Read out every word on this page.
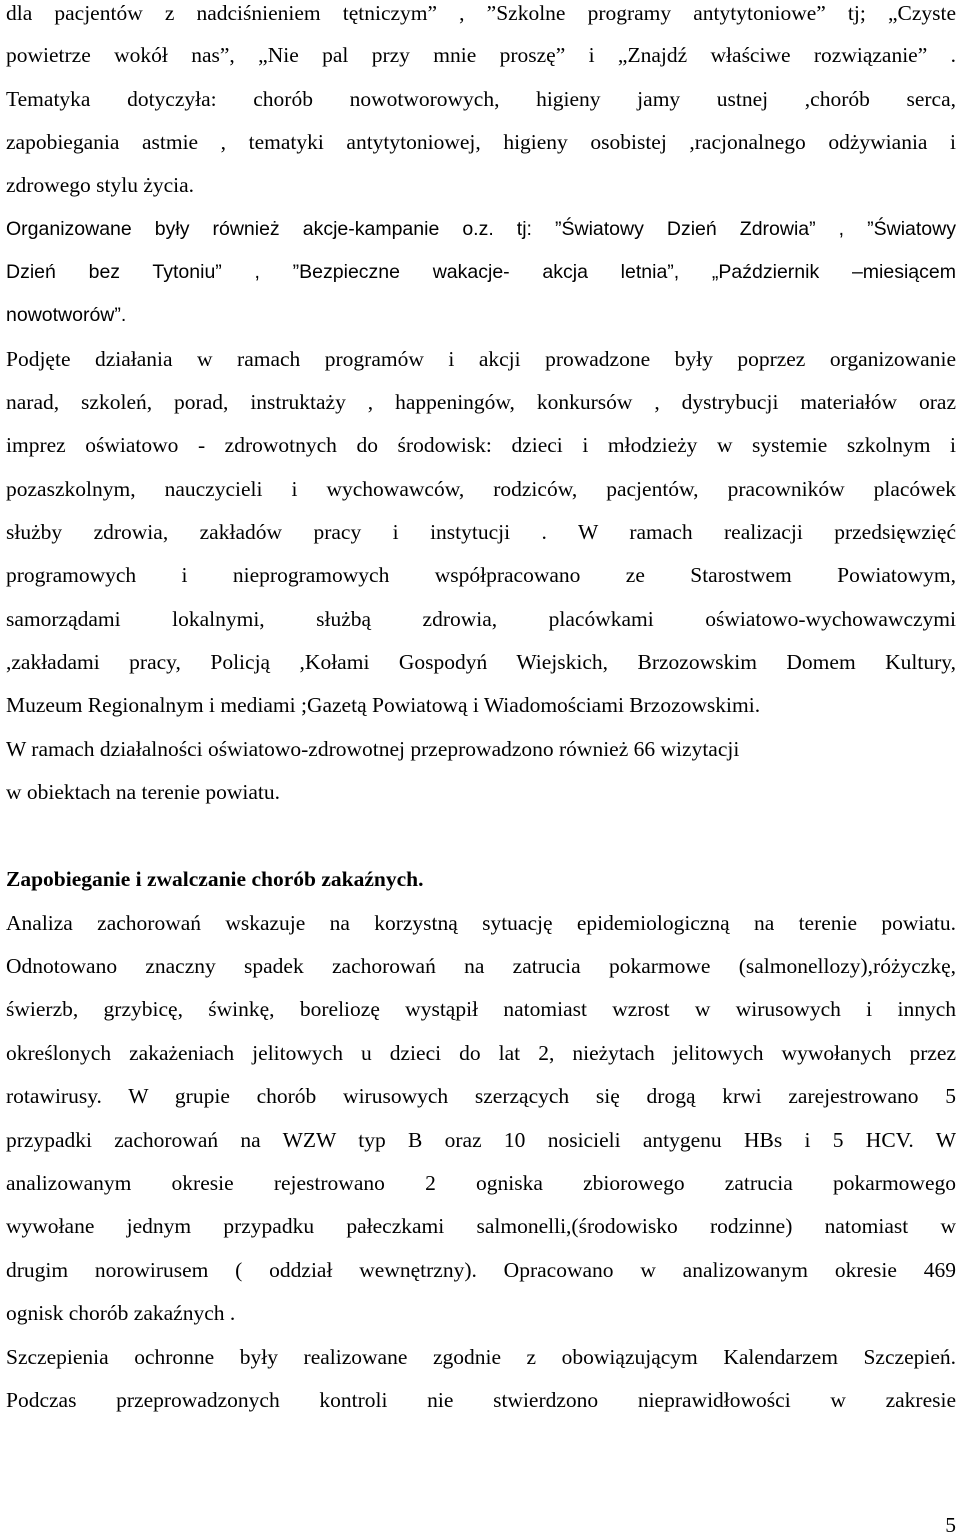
dla pacjentów z nadciśnieniem tętniczym” , ”Szkolne programy antytytoniowe” tj; „Czyste
powietrze wokół nas”, „Nie pal przy mnie proszę” i „Znajdź właściwe rozwiązanie” .
Tematyka dotyczyła: chorób nowotworowych, higieny jamy ustnej ,chorób serca,
zapobiegania astmie , tematyki antytytoniowej, higieny osobistej ,racjonalnego odżywiania i
zdrowego stylu życia.
Organizowane były również akcje-kampanie o.z. tj: ”Światowy Dzień Zdrowia” , ”Światowy
Dzień bez Tytoniu” , ”Bezpieczne wakacje- akcja letnia”, „Październik –miesiącem
nowotworów”.
Podjęte działania w ramach programów i akcji prowadzone były poprzez organizowanie
narad, szkoleń, porad, instruktaży , happeningów, konkursów , dystrybucji materiałów oraz
imprez oświatowo - zdrowotnych do środowisk: dzieci i młodzieży w systemie szkolnym i
pozaszkolnym, nauczycieli i wychowawców, rodziców, pacjentów, pracowników placówek
służby zdrowia, zakładów pracy i instytucji . W ramach realizacji przedsięwzięć
programowych i nieprogramowych współpracowano ze Starostwem Powiatowym,
samorządami lokalnymi, służbą zdrowia, placówkami oświatowo-wychowawczymi
,zakładami pracy, Policją ,Kołami Gospodyń Wiejskich, Brzozowskim Domem Kultury,
Muzeum Regionalnym i mediami ;Gazetą Powiatową i Wiadomościami Brzozowskimi.
W ramach działalności oświatowo-zdrowotnej przeprowadzono również 66 wizytacji
w obiektach na terenie powiatu.
Zapobieganie i zwalczanie chorób zakaźnych.
Analiza zachorowań wskazuje na korzystną sytuację epidemiologiczną na terenie powiatu.
Odnotowano znaczny spadek zachorowań na zatrucia pokarmowe (salmonellozy),różyczkę,
świerzb, grzybicę, świnkę, boreliozę wystąpił natomiast wzrost w wirusowych i innych
określonych zakażeniach jelitowych u dzieci do lat 2, nieżytach jelitowych wywołanych przez
rotawirusy. W grupie chorób wirusowych szerzących się drogą krwi zarejestrowano 5
przypadki zachorowań na WZW typ B oraz 10 nosicieli antygenu HBs i 5 HCV. W
analizowanym okresie rejestrowano 2 ogniska zbiorowego zatrucia pokarmowego
wywołane jednym przypadku pałeczkami salmonelli,(środowisko rodzinne) natomiast w
drugim norowirusem ( oddział wewnętrzny). Opracowano w analizowanym okresie 469
ognisk chorób zakaźnych .
Szczepienia ochronne były realizowane zgodnie z obowiązującym Kalendarzem Szczepień.
Podczas przeprowadzonych kontroli nie stwierdzono nieprawidłowości w zakresie
5
